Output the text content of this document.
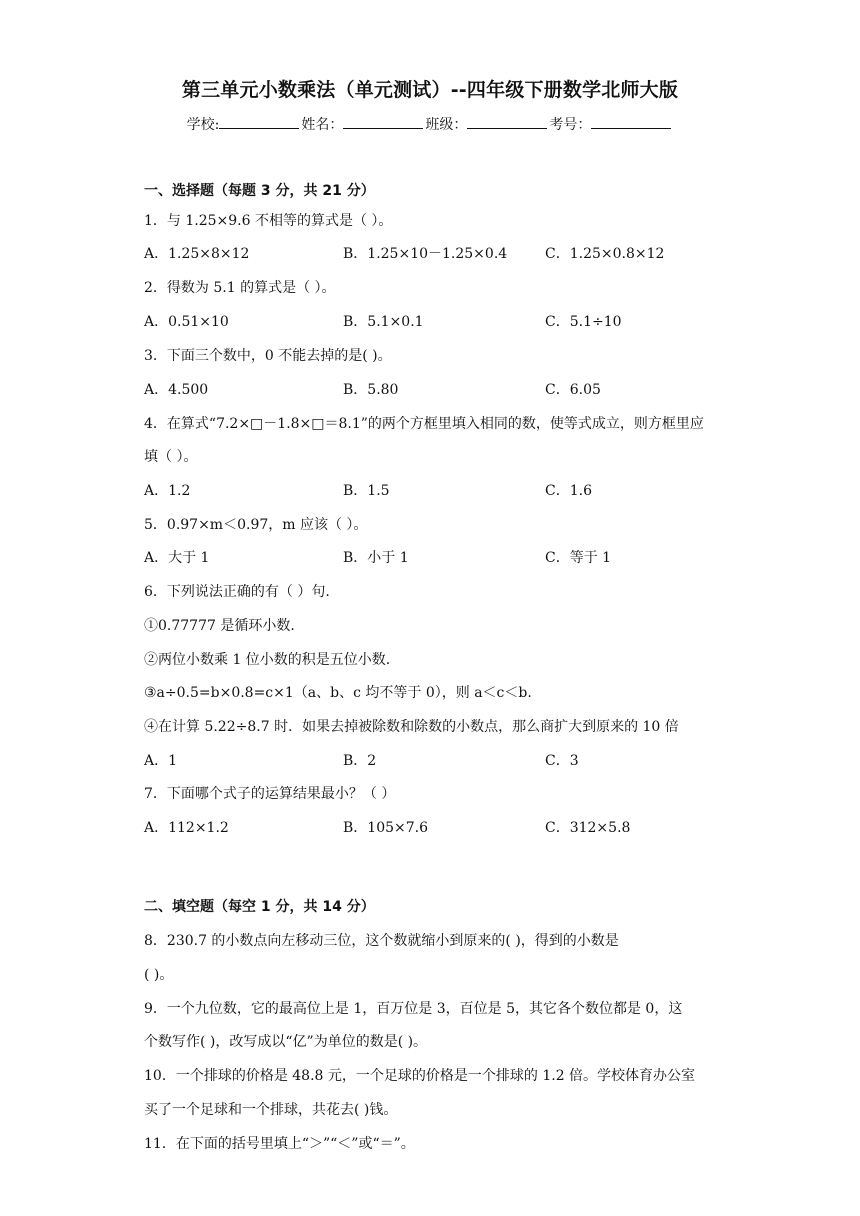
第三单元小数乘法（单元测试）--四年级下册数学北师大版
学校:	姓名：	班级：	考号：
一、选择题（每题 3 分，共 21 分）
1．与 1.25×9.6 不相等的算式是（ ）。
A．1.25×8×12	B．1.25×10－1.25×0.4	C．1.25×0.8×12
2．得数为 5.1 的算式是（ ）。
A．0.51×10	B．5.1×0.1	C．5.1÷10
3．下面三个数中，0 不能去掉的是( )。
A．4.500	B．5.80	C．6.05
4．在算式“7.2×□－1.8×□＝8.1”的两个方框里填入相同的数，使等式成立，则方框里应
填（ ）。
A．1.2	B．1.5	C．1.6
5．0.97×m＜0.97，m 应该（ ）。
A．大于 1	B．小于 1	C．等于 1
6．下列说法正确的有（ ）句.
①0.77777 是循环小数.
②两位小数乘 1 位小数的积是五位小数.
③a÷0.5=b×0.8=c×1（a、b、c 均不等于 0），则 a＜c＜b.
④在计算 5.22÷8.7 时．如果去掉被除数和除数的小数点，那么商扩大到原来的 10 倍
A．1	B．2	C．3
7．下面哪个式子的运算结果最小？（ ）
A．112×1.2	B．105×7.6	C．312×5.8
二、填空题（每空 1 分，共 14 分）
8．230.7 的小数点向左移动三位，这个数就缩小到原来的( )，得到的小数是
( )。
9．一个九位数，它的最高位上是 1，百万位是 3，百位是 5，其它各个数位都是 0，这
个数写作( )，改写成以“亿”为单位的数是( )。
10．一个排球的价格是 48.8 元，一个足球的价格是一个排球的 1.2 倍。学校体育办公室
买了一个足球和一个排球，共花去( )钱。
11．在下面的括号里填上“＞”“＜”或“＝”。
